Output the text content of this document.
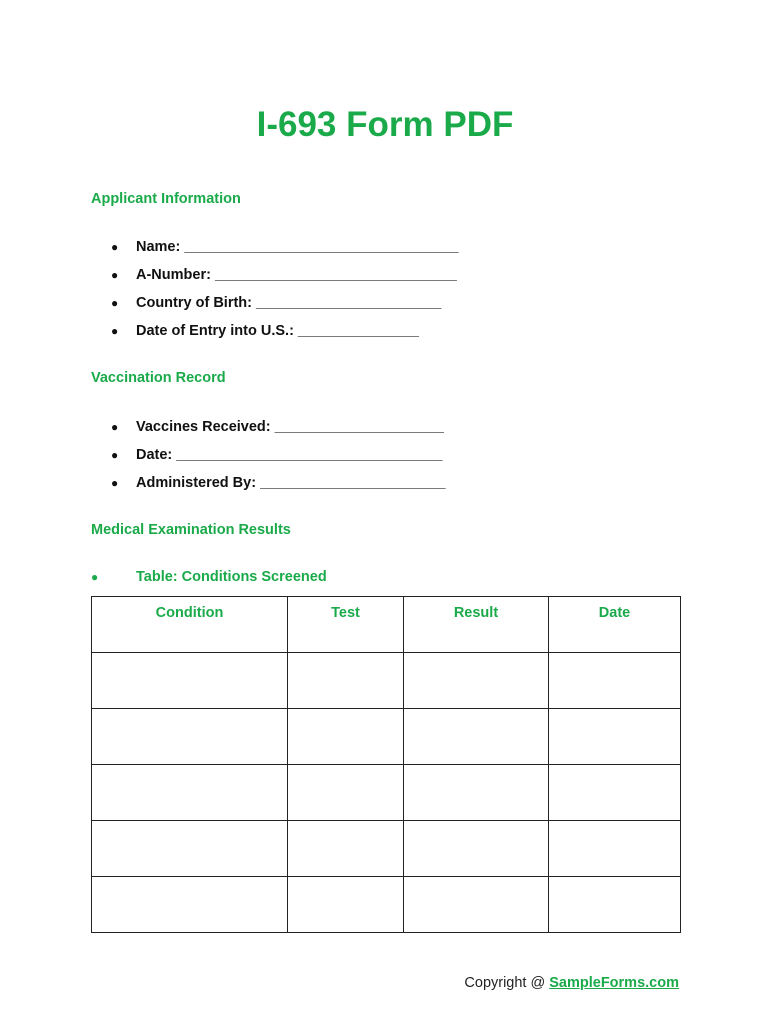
I-693 Form PDF
Applicant Information
●	Name: __________________________________
●	A-Number: ______________________________
●	Country of Birth: _______________________
●	Date of Entry into U.S.: _______________
Vaccination Record
●	Vaccines Received: _____________________
●	Date: _________________________________
●	Administered By: _______________________
Medical Examination Results
●	Table: Conditions Screened
Condition	Test	Result	Date

Copyright @ SampleForms.com
